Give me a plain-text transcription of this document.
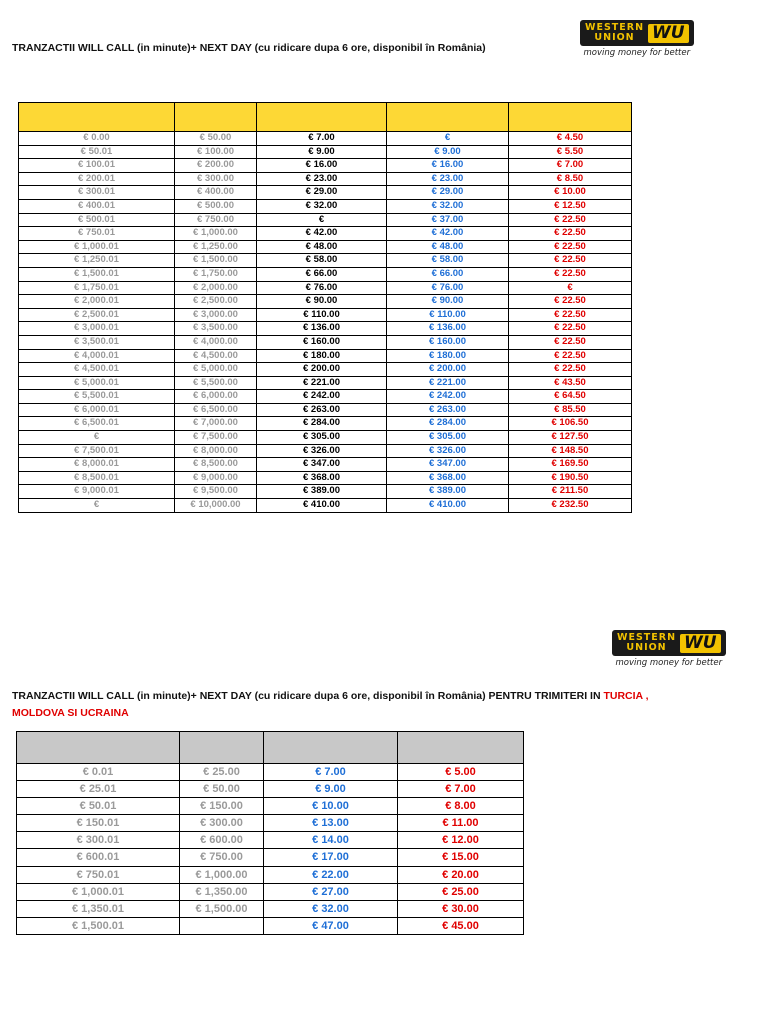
TRANZACTII WILL CALL (in minute)+ NEXT DAY (cu ridicare dupa 6 ore, disponibil în România)

WESTERN
UNION	WU
moving money for better

€ 0.00	€ 50.00	€ 7.00	€	€ 4.50
€ 50.01	€ 100.00	€ 9.00	€ 9.00	€ 5.50
€ 100.01	€ 200.00	€ 16.00	€ 16.00	€ 7.00
€ 200.01	€ 300.00	€ 23.00	€ 23.00	€ 8.50
€ 300.01	€ 400.00	€ 29.00	€ 29.00	€ 10.00
€ 400.01	€ 500.00	€ 32.00	€ 32.00	€ 12.50
€ 500.01	€ 750.00	€	€ 37.00	€ 22.50
€ 750.01	€ 1,000.00	€ 42.00	€ 42.00	€ 22.50
€ 1,000.01	€ 1,250.00	€ 48.00	€ 48.00	€ 22.50
€ 1,250.01	€ 1,500.00	€ 58.00	€ 58.00	€ 22.50
€ 1,500.01	€ 1,750.00	€ 66.00	€ 66.00	€ 22.50
€ 1,750.01	€ 2,000.00	€ 76.00	€ 76.00	€
€ 2,000.01	€ 2,500.00	€ 90.00	€ 90.00	€ 22.50
€ 2,500.01	€ 3,000.00	€ 110.00	€ 110.00	€ 22.50
€ 3,000.01	€ 3,500.00	€ 136.00	€ 136.00	€ 22.50
€ 3,500.01	€ 4,000.00	€ 160.00	€ 160.00	€ 22.50
€ 4,000.01	€ 4,500.00	€ 180.00	€ 180.00	€ 22.50
€ 4,500.01	€ 5,000.00	€ 200.00	€ 200.00	€ 22.50
€ 5,000.01	€ 5,500.00	€ 221.00	€ 221.00	€ 43.50
€ 5,500.01	€ 6,000.00	€ 242.00	€ 242.00	€ 64.50
€ 6,000.01	€ 6,500.00	€ 263.00	€ 263.00	€ 85.50
€ 6,500.01	€ 7,000.00	€ 284.00	€ 284.00	€ 106.50
€	€ 7,500.00	€ 305.00	€ 305.00	€ 127.50
€ 7,500.01	€ 8,000.00	€ 326.00	€ 326.00	€ 148.50
€ 8,000.01	€ 8,500.00	€ 347.00	€ 347.00	€ 169.50
€ 8,500.01	€ 9,000.00	€ 368.00	€ 368.00	€ 190.50
€ 9,000.01	€ 9,500.00	€ 389.00	€ 389.00	€ 211.50
€	€ 10,000.00	€ 410.00	€ 410.00	€ 232.50
WESTERN
UNION	WU
moving money for better

TRANZACTII WILL CALL (in minute)+ NEXT DAY (cu ridicare dupa 6 ore, disponibil în România) PENTRU TRIMITERI IN TURCIA ,
MOLDOVA SI UCRAINA

€ 0.01	€ 25.00	€ 7.00	€ 5.00
€ 25.01	€ 50.00	€ 9.00	€ 7.00
€ 50.01	€ 150.00	€ 10.00	€ 8.00
€ 150.01	€ 300.00	€ 13.00	€ 11.00
€ 300.01	€ 600.00	€ 14.00	€ 12.00
€ 600.01	€ 750.00	€ 17.00	€ 15.00
€ 750.01	€ 1,000.00	€ 22.00	€ 20.00
€ 1,000.01	€ 1,350.00	€ 27.00	€ 25.00
€ 1,350.01	€ 1,500.00	€ 32.00	€ 30.00
€ 1,500.01		€ 47.00	€ 45.00
